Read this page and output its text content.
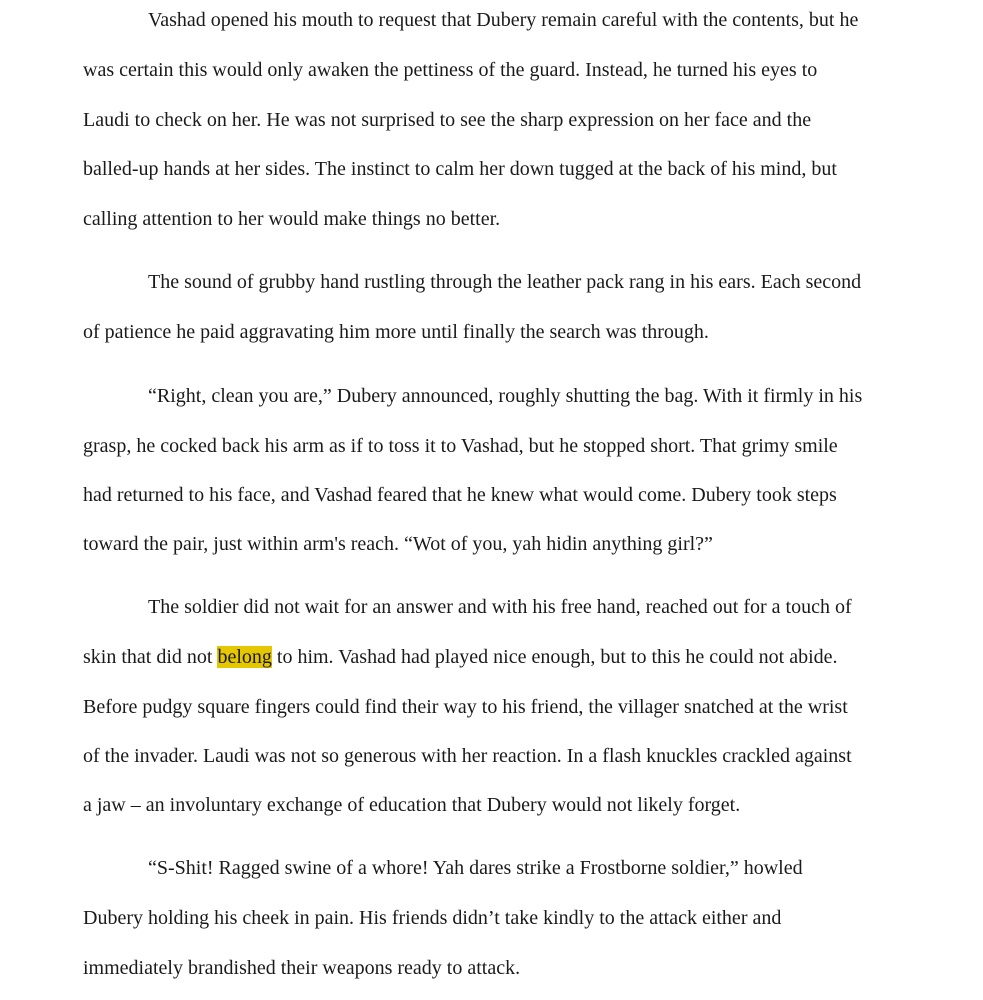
Vashad opened his mouth to request that Dubery remain careful with the contents, but he
was certain this would only awaken the pettiness of the guard. Instead, he turned his eyes to
Laudi to check on her. He was not surprised to see the sharp expression on her face and the
balled-up hands at her sides. The instinct to calm her down tugged at the back of his mind, but
calling attention to her would make things no better.
The sound of grubby hand rustling through the leather pack rang in his ears. Each second
of patience he paid aggravating him more until finally the search was through.
“Right, clean you are,” Dubery announced, roughly shutting the bag. With it firmly in his
grasp, he cocked back his arm as if to toss it to Vashad, but he stopped short. That grimy smile
had returned to his face, and Vashad feared that he knew what would come. Dubery took steps
toward the pair, just within arm's reach. “Wot of you, yah hidin anything girl?”
The soldier did not wait for an answer and with his free hand, reached out for a touch of
skin that did not belong to him. Vashad had played nice enough, but to this he could not abide.
Before pudgy square fingers could find their way to his friend, the villager snatched at the wrist
of the invader. Laudi was not so generous with her reaction. In a flash knuckles crackled against
a jaw – an involuntary exchange of education that Dubery would not likely forget.
“S-Shit! Ragged swine of a whore! Yah dares strike a Frostborne soldier,” howled
Dubery holding his cheek in pain. His friends didn’t take kindly to the attack either and
immediately brandished their weapons ready to attack.
